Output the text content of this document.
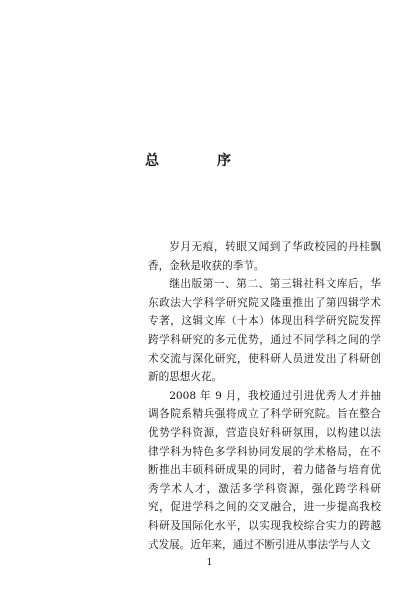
总　序

岁月无痕，转眼又闻到了华政校园的丹桂飘香，金秋是收获的季节。

继出版第一、第二、第三辑社科文库后，华东政法大学科学研究院又隆重推出了第四辑学术专著，这辑文库（十本）体现出科学研究院发挥跨学科研究的多元优势，通过不同学科之间的学术交流与深化研究，使科研人员迸发出了科研创新的思想火花。

2008 年 9 月，我校通过引进优秀人才并抽调各院系精兵强将成立了科学研究院。旨在整合优势学科资源，营造良好科研氛围，以构建以法律学科为特色多学科协同发展的学术格局，在不断推出丰硕科研成果的同时，着力储备与培育优秀学术人才，激活多学科资源，强化跨学科研究，促进学科之间的交叉融合，进一步提高我校科研及国际化水平，以实现我校综合实力的跨越式发展。近年来，通过不断引进从事法学与人文

1
